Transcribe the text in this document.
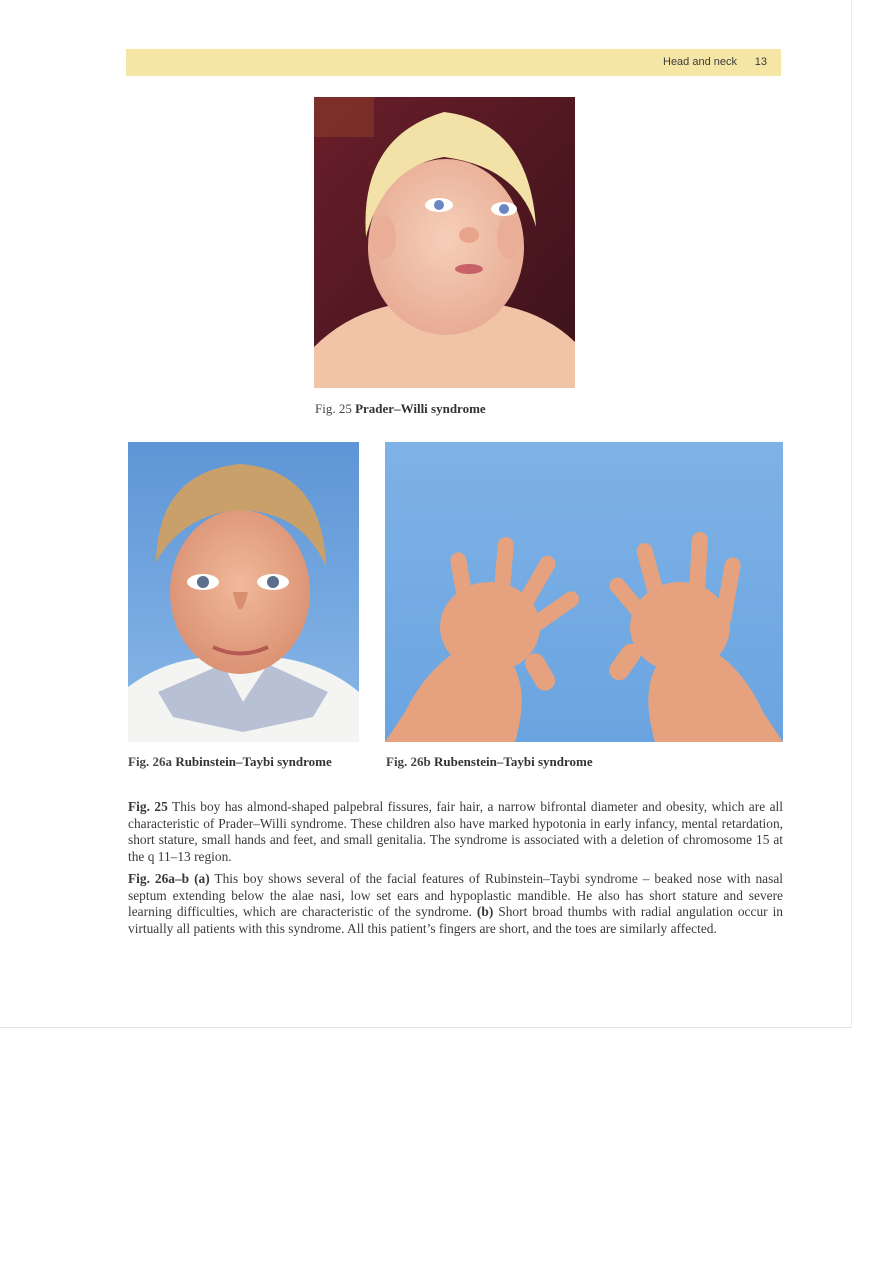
Head and neck 13
Fig. 25 Prader–Willi syndrome
Fig. 26a Rubinstein–Taybi syndrome	Fig. 26b Rubenstein–Taybi syndrome

Fig. 25 This boy has almond-shaped palpebral fissures, fair hair, a narrow bifrontal diameter and obesity, which are all characteristic of Prader–Willi syndrome. These children also have marked hypotonia in early infancy, mental retardation, short stature, small hands and feet, and small genitalia. The syndrome is associated with a deletion of chromosome 15 at the q 11–13 region.

Fig. 26a–b (a) This boy shows several of the facial features of Rubinstein–Taybi syndrome – beaked nose with nasal septum extending below the alae nasi, low set ears and hypoplastic mandible. He also has short stature and severe learning difficulties, which are characteristic of the syndrome. (b) Short broad thumbs with radial angulation occur in virtually all patients with this syndrome. All this patient’s fingers are short, and the toes are similarly affected.
